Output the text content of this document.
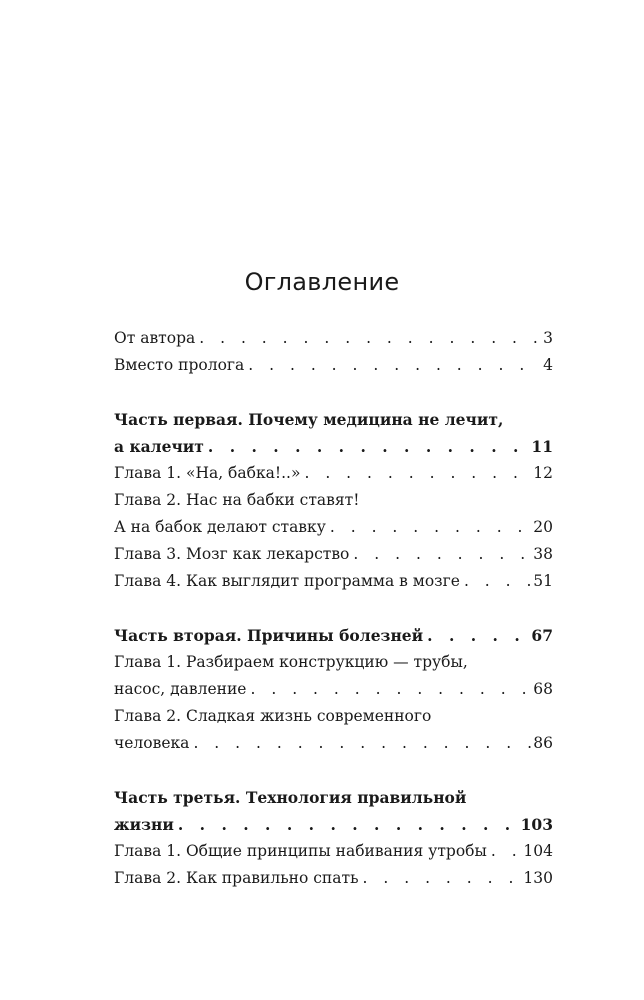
Оглавление
От автора . . .	3
Вместо пролога . . .	4
Часть первая. Почему медицина не лечит,
а калечит . . .	11
Глава 1. «На, бабка!..» . . .	12
Глава 2. Нас на бабки ставят!
А на бабок делают ставку . . .	20
Глава 3. Мозг как лекарство . . .	38
Глава 4. Как выглядит программа в мозге . . .	51
Часть вторая. Причины болезней . . .	67
Глава 1. Разбираем конструкцию — трубы,
насос, давление . . .	68
Глава 2. Сладкая жизнь современного
человека . . .	86
Часть третья. Технология правильной
жизни . . .	103
Глава 1. Общие принципы набивания утробы . . . 104
Глава 2. Как правильно спать . . .	130
